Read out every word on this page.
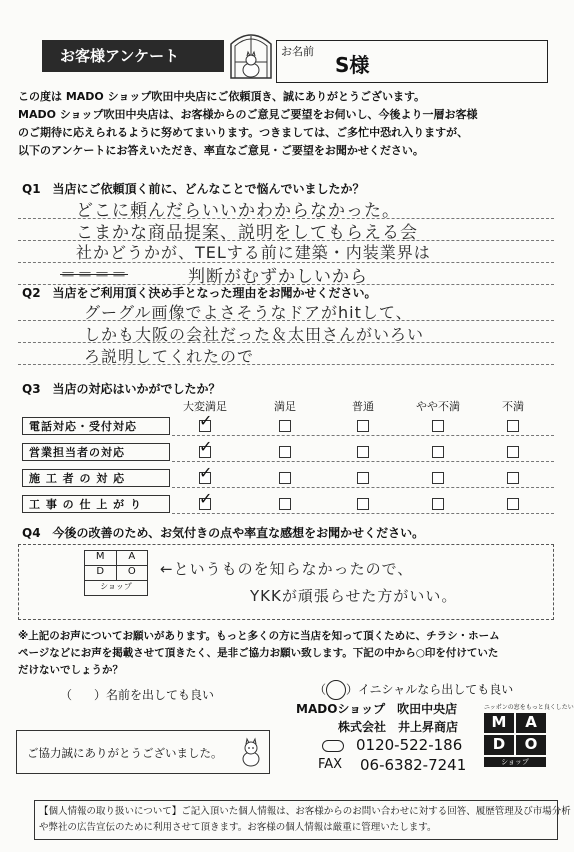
お客様アンケート	お名前
S様
この度は MADO ショップ吹田中央店にご依頼頂き、誠にありがとうございます。
MADO ショップ吹田中央店は、お客様からのご意見ご要望をお伺いし、今後より一層お客様
のご期待に応えられるように努めてまいります。つきましては、ご多忙中恐れ入りますが、
以下のアンケートにお答えいただき、率直なご意見・ご要望をお聞かせください。
Q1　当店にご依頼頂く前に、どんなことで悩んでいましたか？
どこに頼んだらいいかわからなかった。
こまかな商品提案、説明をしてもらえる会
社かどうかが、TELする前に建築・内装業界は
＝＝＝＝	判断がむずかしいから
Q2　当店をご利用頂く決め手となった理由をお聞かせください。
グーグル画像でよさそうなドアがhitして、
しかも大阪の会社だった＆太田さんがいろい
ろ説明してくれたので
Q3　当店の対応はいかがでしたか？
大変満足	満足	普通	やや不満	不満
電話対応・受付対応	✓
営業担当者の対応	✓
施 工 者 の 対 応	✓
工 事 の 仕 上 が り	✓
Q4　今後の改善のため、お気付きの点や率直な感想をお聞かせください。
M	A
D	O
ショップ
←というものを知らなかったので、
YKKが頑張らせた方がいい。
※上記のお声についてお願いがあります。もっと多くの方に当店を知って頂くために、チラシ・ホーム
ページなどにお声を掲載させて頂きたく、是非ご協力お願い致します。下記の中から○印を付けていた
だけないでしょうか？
（ ）名前を出しても良い	（ ）イニシャルなら出しても良い
ご協力誠にありがとうございました。
MADOショップ　吹田中央店
株式会社　井上昇商店
0120-522-186
FAX 06-6382-7241
ニッポンの窓をもっと良くしたい
M	A
D	O
ショップ
【個人情報の取り扱いについて】ご記入頂いた個人情報は、お客様からのお問い合わせに対する回答、履歴管理及び市場分析
や弊社の広告宣伝のために利用させて頂きます。お客様の個人情報は厳重に管理いたします。
